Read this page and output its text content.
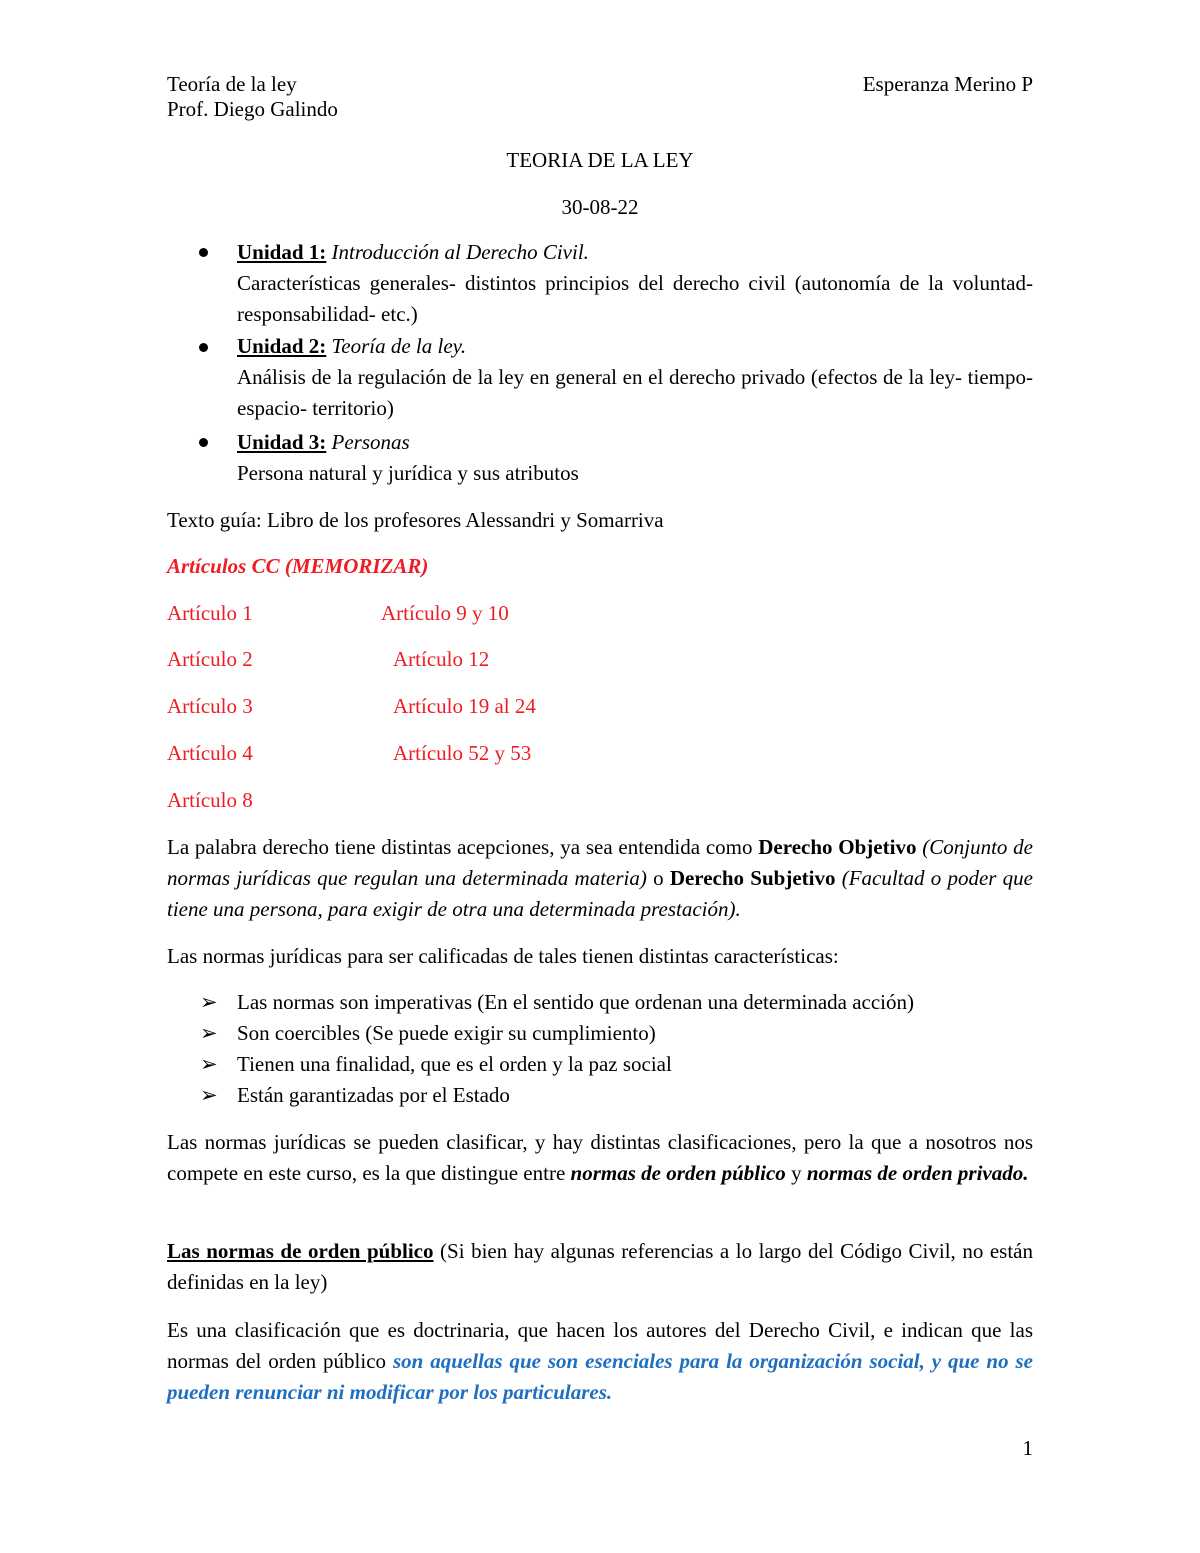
Teoría de la ley
Prof. Diego Galindo
Esperanza Merino P
TEORIA DE LA LEY
30-08-22
Unidad 1: Introducción al Derecho Civil.
Características generales- distintos principios del derecho civil (autonomía de la voluntad- responsabilidad- etc.)
Unidad 2: Teoría de la ley.
Análisis de la regulación de la ley en general en el derecho privado (efectos de la ley- tiempo- espacio- territorio)
Unidad 3: Personas
Persona natural y jurídica y sus atributos
Texto guía: Libro de los profesores Alessandri y Somarriva
Artículos CC (MEMORIZAR)
Artículo 1
Artículo 2
Artículo 3
Artículo 4
Artículo 8
Artículo 9 y 10
Artículo 12
Artículo 19 al 24
Artículo 52 y 53
La palabra derecho tiene distintas acepciones, ya sea entendida como Derecho Objetivo (Conjunto de normas jurídicas que regulan una determinada materia) o Derecho Subjetivo (Facultad o poder que tiene una persona, para exigir de otra una determinada prestación).
Las normas jurídicas para ser calificadas de tales tienen distintas características:
➢ Las normas son imperativas (En el sentido que ordenan una determinada acción)
➢ Son coercibles (Se puede exigir su cumplimiento)
➢ Tienen una finalidad, que es el orden y la paz social
➢ Están garantizadas por el Estado
Las normas jurídicas se pueden clasificar, y hay distintas clasificaciones, pero la que a nosotros nos compete en este curso, es la que distingue entre normas de orden público y normas de orden privado.
Las normas de orden público (Si bien hay algunas referencias a lo largo del Código Civil, no están definidas en la ley)
Es una clasificación que es doctrinaria, que hacen los autores del Derecho Civil, e indican que las normas del orden público son aquellas que son esenciales para la organización social, y que no se pueden renunciar ni modificar por los particulares.
1
